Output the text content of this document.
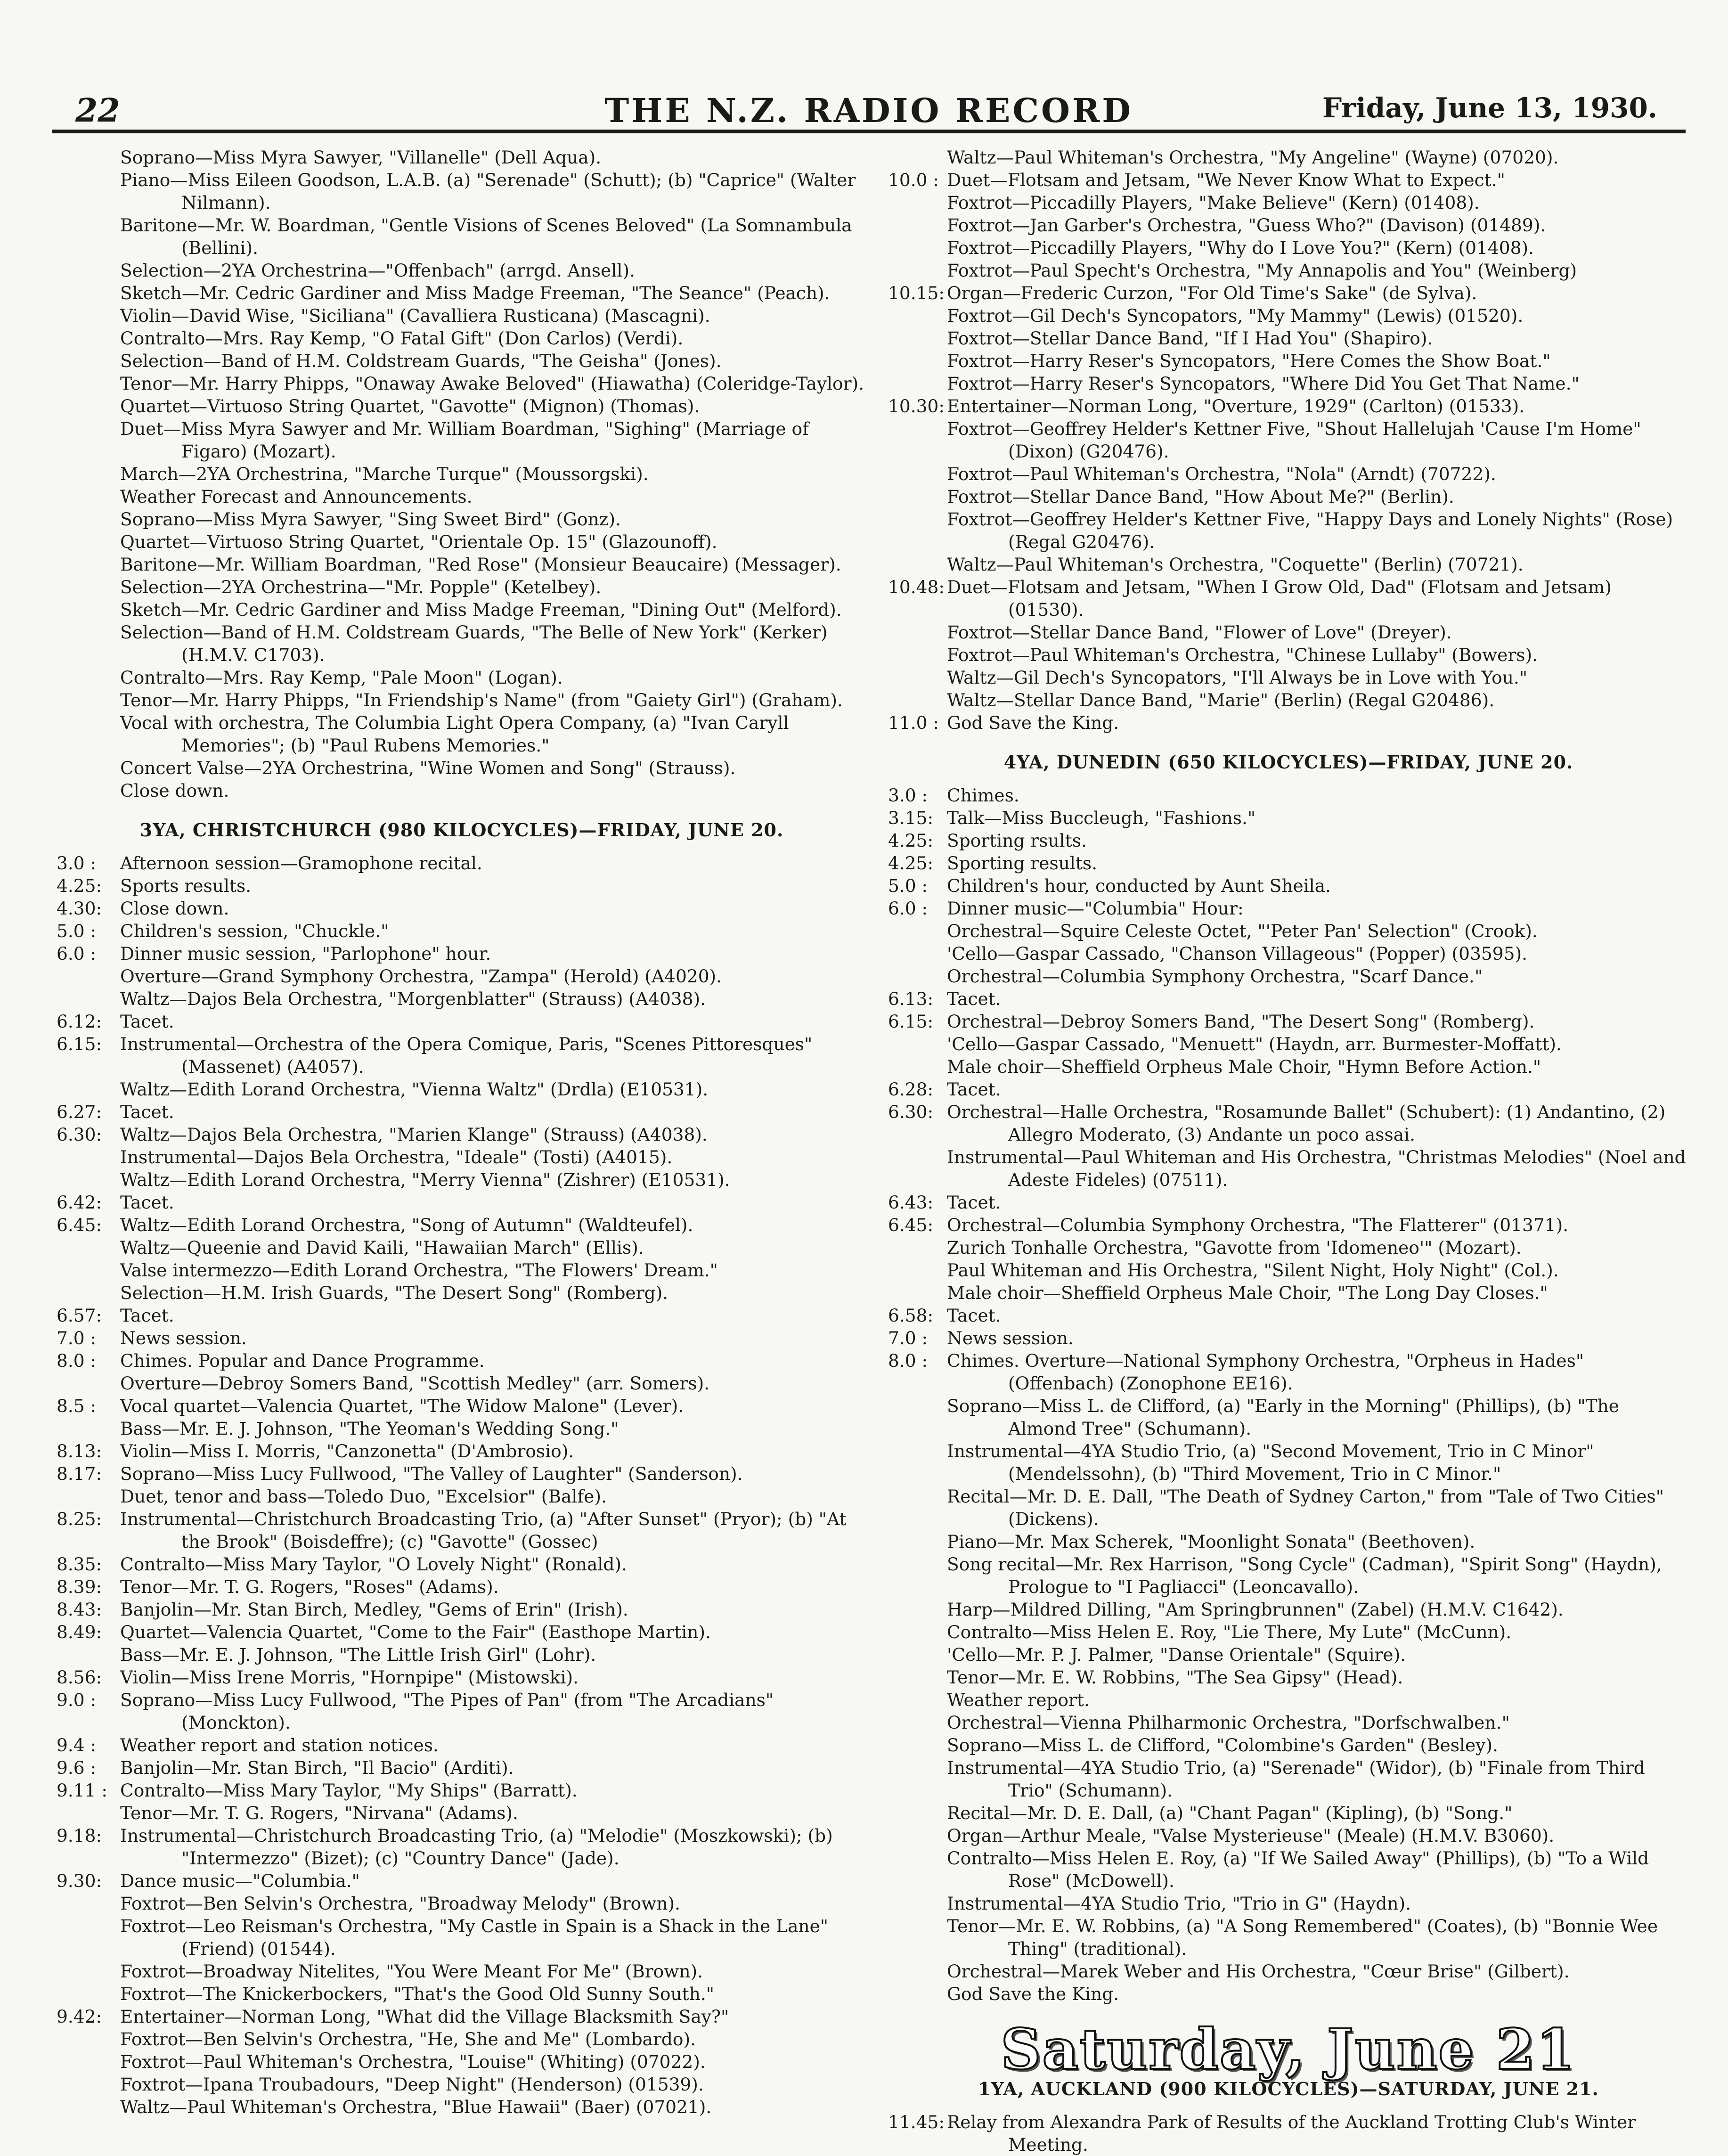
22	THE N.Z. RADIO RECORD	Friday, June 13, 1930.
Soprano—Miss Myra Sawyer, "Villanelle" (Dell Aqua).
Piano—Miss Eileen Goodson, L.A.B. (a) "Serenade" (Schutt); (b) "Caprice" (Walter Nilmann).
Baritone—Mr. W. Boardman, "Gentle Visions of Scenes Beloved" (La Somnambula (Bellini).
Selection—2YA Orchestrina—"Offenbach" (arrgd. Ansell).
Sketch—Mr. Cedric Gardiner and Miss Madge Freeman, "The Seance" (Peach).
Violin—David Wise, "Siciliana" (Cavalliera Rusticana) (Mascagni).
Contralto—Mrs. Ray Kemp, "O Fatal Gift" (Don Carlos) (Verdi).
Selection—Band of H.M. Coldstream Guards, "The Geisha" (Jones).
Tenor—Mr. Harry Phipps, "Onaway Awake Beloved" (Hiawatha) (Coleridge-Taylor).
Quartet—Virtuoso String Quartet, "Gavotte" (Mignon) (Thomas).
Duet—Miss Myra Sawyer and Mr. William Boardman, "Sighing" (Marriage of Figaro) (Mozart).
March—2YA Orchestrina, "Marche Turque" (Moussorgski).
Weather Forecast and Announcements.
Soprano—Miss Myra Sawyer, "Sing Sweet Bird" (Gonz).
Quartet—Virtuoso String Quartet, "Orientale Op. 15" (Glazounoff).
Baritone—Mr. William Boardman, "Red Rose" (Monsieur Beaucaire) (Messager).
Selection—2YA Orchestrina—"Mr. Popple" (Ketelbey).
Sketch—Mr. Cedric Gardiner and Miss Madge Freeman, "Dining Out" (Melford).
Selection—Band of H.M. Coldstream Guards, "The Belle of New York" (Kerker) (H.M.V. C1703).
Contralto—Mrs. Ray Kemp, "Pale Moon" (Logan).
Tenor—Mr. Harry Phipps, "In Friendship's Name" (from "Gaiety Girl") (Graham).
Vocal with orchestra, The Columbia Light Opera Company, (a) "Ivan Caryll Memories"; (b) "Paul Rubens Memories."
Concert Valse—2YA Orchestrina, "Wine Women and Song" (Strauss).
Close down.
3YA, CHRISTCHURCH (980 KILOCYCLES)—FRIDAY, JUNE 20.
3.0 :	Afternoon session—Gramophone recital.
4.25:	Sports results.
4.30:	Close down.
5.0 :	Children's session, "Chuckle."
6.0 :	Dinner music session, "Parlophone" hour.
Overture—Grand Symphony Orchestra, "Zampa" (Herold) (A4020).
Waltz—Dajos Bela Orchestra, "Morgenblatter" (Strauss) (A4038).
6.12:	Tacet.
6.15:	Instrumental—Orchestra of the Opera Comique, Paris, "Scenes Pittoresques" (Massenet) (A4057).
Waltz—Edith Lorand Orchestra, "Vienna Waltz" (Drdla) (E10531).
6.27:	Tacet.
6.30:	Waltz—Dajos Bela Orchestra, "Marien Klange" (Strauss) (A4038).
Instrumental—Dajos Bela Orchestra, "Ideale" (Tosti) (A4015).
Waltz—Edith Lorand Orchestra, "Merry Vienna" (Zishrer) (E10531).
6.42:	Tacet.
6.45:	Waltz—Edith Lorand Orchestra, "Song of Autumn" (Waldteufel).
Waltz—Queenie and David Kaili, "Hawaiian March" (Ellis).
Valse intermezzo—Edith Lorand Orchestra, "The Flowers' Dream."
Selection—H.M. Irish Guards, "The Desert Song" (Romberg).
6.57:	Tacet.
7.0 :	News session.
8.0 :	Chimes. Popular and Dance Programme.
Overture—Debroy Somers Band, "Scottish Medley" (arr. Somers).
8.5 :	Vocal quartet—Valencia Quartet, "The Widow Malone" (Lever).
Bass—Mr. E. J. Johnson, "The Yeoman's Wedding Song."
8.13:	Violin—Miss I. Morris, "Canzonetta" (D'Ambrosio).
8.17:	Soprano—Miss Lucy Fullwood, "The Valley of Laughter" (Sanderson).
Duet, tenor and bass—Toledo Duo, "Excelsior" (Balfe).
8.25:	Instrumental—Christchurch Broadcasting Trio, (a) "After Sunset" (Pryor); (b) "At the Brook" (Boisdeffre); (c) "Gavotte" (Gossec)
8.35:	Contralto—Miss Mary Taylor, "O Lovely Night" (Ronald).
8.39:	Tenor—Mr. T. G. Rogers, "Roses" (Adams).
8.43:	Banjolin—Mr. Stan Birch, Medley, "Gems of Erin" (Irish).
8.49:	Quartet—Valencia Quartet, "Come to the Fair" (Easthope Martin).
Bass—Mr. E. J. Johnson, "The Little Irish Girl" (Lohr).
8.56:	Violin—Miss Irene Morris, "Hornpipe" (Mistowski).
9.0 :	Soprano—Miss Lucy Fullwood, "The Pipes of Pan" (from "The Arcadians" (Monckton).
9.4 :	Weather report and station notices.
9.6 :	Banjolin—Mr. Stan Birch, "Il Bacio" (Arditi).
9.11 : Contralto—Miss Mary Taylor, "My Ships" (Barratt).
Tenor—Mr. T. G. Rogers, "Nirvana" (Adams).
9.18:	Instrumental—Christchurch Broadcasting Trio, (a) "Melodie" (Moszkowski); (b) "Intermezzo" (Bizet); (c) "Country Dance" (Jade).
9.30:	Dance music—"Columbia."
Foxtrot—Ben Selvin's Orchestra, "Broadway Melody" (Brown).
Foxtrot—Leo Reisman's Orchestra, "My Castle in Spain is a Shack in the Lane" (Friend) (01544).
Foxtrot—Broadway Nitelites, "You Were Meant For Me" (Brown).
Foxtrot—The Knickerbockers, "That's the Good Old Sunny South."
9.42:	Entertainer—Norman Long, "What did the Village Blacksmith Say?"
Foxtrot—Ben Selvin's Orchestra, "He, She and Me" (Lombardo).
Foxtrot—Paul Whiteman's Orchestra, "Louise" (Whiting) (07022).
Foxtrot—Ipana Troubadours, "Deep Night" (Henderson) (01539).
Waltz—Paul Whiteman's Orchestra, "Blue Hawaii" (Baer) (07021).
Waltz—Paul Whiteman's Orchestra, "My Angeline" (Wayne) (07020).
10.0 : Duet—Flotsam and Jetsam, "We Never Know What to Expect."
Foxtrot—Piccadilly Players, "Make Believe" (Kern) (01408).
Foxtrot—Jan Garber's Orchestra, "Guess Who?" (Davison) (01489).
Foxtrot—Piccadilly Players, "Why do I Love You?" (Kern) (01408).
Foxtrot—Paul Specht's Orchestra, "My Annapolis and You" (Weinberg)
10.15: Organ—Frederic Curzon, "For Old Time's Sake" (de Sylva).
Foxtrot—Gil Dech's Syncopators, "My Mammy" (Lewis) (01520).
Foxtrot—Stellar Dance Band, "If I Had You" (Shapiro).
Foxtrot—Harry Reser's Syncopators, "Here Comes the Show Boat."
Foxtrot—Harry Reser's Syncopators, "Where Did You Get That Name."
10.30: Entertainer—Norman Long, "Overture, 1929" (Carlton) (01533).
Foxtrot—Geoffrey Helder's Kettner Five, "Shout Hallelujah 'Cause I'm Home" (Dixon) (G20476).
Foxtrot—Paul Whiteman's Orchestra, "Nola" (Arndt) (70722).
Foxtrot—Stellar Dance Band, "How About Me?" (Berlin).
Foxtrot—Geoffrey Helder's Kettner Five, "Happy Days and Lonely Nights" (Rose) (Regal G20476).
Waltz—Paul Whiteman's Orchestra, "Coquette" (Berlin) (70721).
10.48: Duet—Flotsam and Jetsam, "When I Grow Old, Dad" (Flotsam and Jetsam) (01530).
Foxtrot—Stellar Dance Band, "Flower of Love" (Dreyer).
Foxtrot—Paul Whiteman's Orchestra, "Chinese Lullaby" (Bowers).
Waltz—Gil Dech's Syncopators, "I'll Always be in Love with You."
Waltz—Stellar Dance Band, "Marie" (Berlin) (Regal G20486).
11.0 : God Save the King.
4YA, DUNEDIN (650 KILOCYCLES)—FRIDAY, JUNE 20.
3.0 :	Chimes.
3.15: Talk—Miss Buccleugh, "Fashions."
4.25: Sporting rsults.
4.25: Sporting results.
5.0 :	Children's hour, conducted by Aunt Sheila.
6.0 :	Dinner music—"Columbia" Hour:
Orchestral—Squire Celeste Octet, "'Peter Pan' Selection" (Crook).
'Cello—Gaspar Cassado, "Chanson Villageous" (Popper) (03595).
Orchestral—Columbia Symphony Orchestra, "Scarf Dance."
6.13: Tacet.
6.15: Orchestral—Debroy Somers Band, "The Desert Song" (Romberg).
'Cello—Gaspar Cassado, "Menuett" (Haydn, arr. Burmester-Moffatt).
Male choir—Sheffield Orpheus Male Choir, "Hymn Before Action."
6.28: Tacet.
6.30: Orchestral—Halle Orchestra, "Rosamunde Ballet" (Schubert): (1) Andantino, (2) Allegro Moderato, (3) Andante un poco assai.
Instrumental—Paul Whiteman and His Orchestra, "Christmas Melodies" (Noel and Adeste Fideles) (07511).
6.43: Tacet.
6.45: Orchestral—Columbia Symphony Orchestra, "The Flatterer" (01371).
Zurich Tonhalle Orchestra, "Gavotte from 'Idomeneo'" (Mozart).
Paul Whiteman and His Orchestra, "Silent Night, Holy Night" (Col.).
Male choir—Sheffield Orpheus Male Choir, "The Long Day Closes."
6.58: Tacet.
7.0 :	News session.
8.0 :	Chimes. Overture—National Symphony Orchestra, "Orpheus in Hades" (Offenbach) (Zonophone EE16).
Soprano—Miss L. de Clifford, (a) "Early in the Morning" (Phillips), (b) "The Almond Tree" (Schumann).
Instrumental—4YA Studio Trio, (a) "Second Movement, Trio in C Minor" (Mendelssohn), (b) "Third Movement, Trio in C Minor."
Recital—Mr. D. E. Dall, "The Death of Sydney Carton," from "Tale of Two Cities" (Dickens).
Piano—Mr. Max Scherek, "Moonlight Sonata" (Beethoven).
Song recital—Mr. Rex Harrison, "Song Cycle" (Cadman), "Spirit Song" (Haydn), Prologue to "I Pagliacci" (Leoncavallo).
Harp—Mildred Dilling, "Am Springbrunnen" (Zabel) (H.M.V. C1642).
Contralto—Miss Helen E. Roy, "Lie There, My Lute" (McCunn).
'Cello—Mr. P. J. Palmer, "Danse Orientale" (Squire).
Tenor—Mr. E. W. Robbins, "The Sea Gipsy" (Head).
Weather report.
Orchestral—Vienna Philharmonic Orchestra, "Dorfschwalben."
Soprano—Miss L. de Clifford, "Colombine's Garden" (Besley).
Instrumental—4YA Studio Trio, (a) "Serenade" (Widor), (b) "Finale from Third Trio" (Schumann).
Recital—Mr. D. E. Dall, (a) "Chant Pagan" (Kipling), (b) "Song."
Organ—Arthur Meale, "Valse Mysterieuse" (Meale) (H.M.V. B3060).
Contralto—Miss Helen E. Roy, (a) "If We Sailed Away" (Phillips), (b) "To a Wild Rose" (McDowell).
Instrumental—4YA Studio Trio, "Trio in G" (Haydn).
Tenor—Mr. E. W. Robbins, (a) "A Song Remembered" (Coates), (b) "Bonnie Wee Thing" (traditional).
Orchestral—Marek Weber and His Orchestra, "Cœur Brise" (Gilbert).
God Save the King.
Saturday, June 21
1YA, AUCKLAND (900 KILOCYCLES)—SATURDAY, JUNE 21.
11.45: Relay from Alexandra Park of Results of the Auckland Trotting Club's Winter Meeting.
